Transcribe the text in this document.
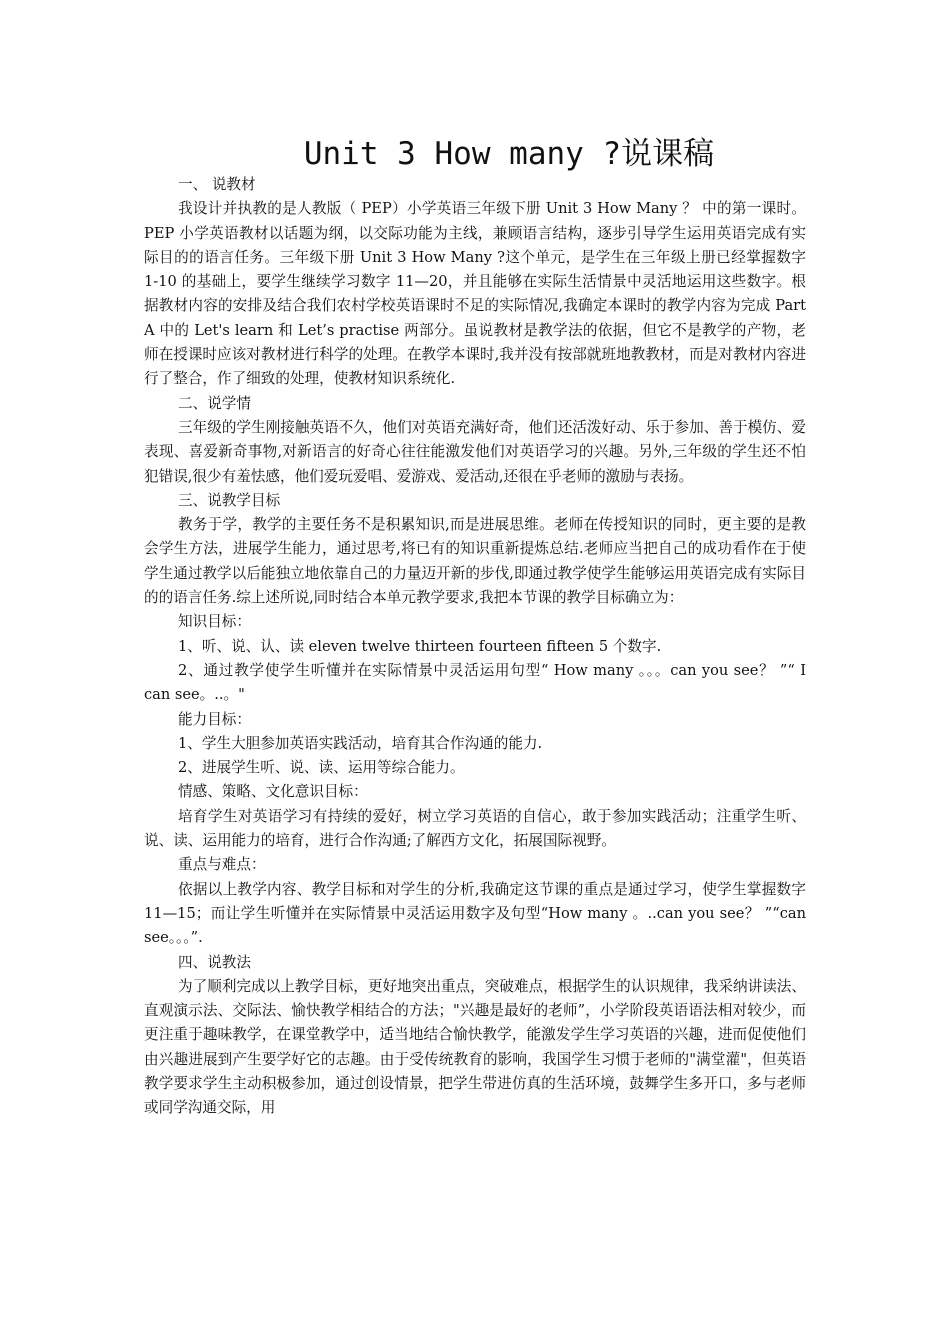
Unit 3 How many ?说课稿

一、 说教材

我设计并执教的是人教版（ PEP）小学英语三年级下册 Unit 3 How Many ？ 中的第一课时。PEP 小学英语教材以话题为纲，以交际功能为主线，兼顾语言结构，逐步引导学生运用英语完成有实际目的的语言任务。三年级下册 Unit 3 How Many ?这个单元，是学生在三年级上册已经掌握数字 1-10 的基础上，要学生继续学习数字 11—20，并且能够在实际生活情景中灵活地运用这些数字。根据教材内容的安排及结合我们农村学校英语课时不足的实际情况,我确定本课时的教学内容为完成 Part A 中的 Let's learn 和 Let’s practise 两部分。虽说教材是教学法的依据，但它不是教学的产物，老师在授课时应该对教材进行科学的处理。在教学本课时,我并没有按部就班地教教材，而是对教材内容进行了整合，作了细致的处理，使教材知识系统化.

二、说学情

三年级的学生刚接触英语不久，他们对英语充满好奇，他们还活泼好动、乐于参加、善于模仿、爱表现、喜爱新奇事物,对新语言的好奇心往往能激发他们对英语学习的兴趣。另外,三年级的学生还不怕犯错误,很少有羞怯感，他们爱玩爱唱、爱游戏、爱活动,还很在乎老师的激励与表扬。

三、说教学目标

教务于学，教学的主要任务不是积累知识,而是进展思维。老师在传授知识的同时，更主要的是教会学生方法，进展学生能力，通过思考,将已有的知识重新提炼总结.老师应当把自己的成功看作在于使学生通过教学以后能独立地依靠自己的力量迈开新的步伐,即通过教学使学生能够运用英语完成有实际目的的语言任务.综上述所说,同时结合本单元教学要求,我把本节课的教学目标确立为：

知识目标：

1、听、说、认、读 eleven twelve thirteen fourteen fifteen 5 个数字.

2、通过教学使学生听懂并在实际情景中灵活运用句型“ How many 。。。can you see？ ”“ I can see。..。"

能力目标：

1、学生大胆参加英语实践活动，培育其合作沟通的能力.

2、进展学生听、说、读、运用等综合能力。

情感、策略、文化意识目标：

培育学生对英语学习有持续的爱好，树立学习英语的自信心，敢于参加实践活动；注重学生听、说、读、运用能力的培育，进行合作沟通;了解西方文化，拓展国际视野。

重点与难点：

依据以上教学内容、教学目标和对学生的分析,我确定这节课的重点是通过学习，使学生掌握数字 11—15；而让学生听懂并在实际情景中灵活运用数字及句型“How many 。..can you see？ ”“can see。。。”.

四、说教法

为了顺利完成以上教学目标，更好地突出重点，突破难点，根据学生的认识规律，我采纳讲读法、直观演示法、交际法、愉快教学相结合的方法；"兴趣是最好的老师”，小学阶段英语语法相对较少，而更注重于趣味教学，在课堂教学中，适当地结合愉快教学，能激发学生学习英语的兴趣，进而促使他们由兴趣进展到产生要学好它的志趣。由于受传统教育的影响，我国学生习惯于老师的"满堂灌"，但英语教学要求学生主动积极参加，通过创设情景，把学生带进仿真的生活环境，鼓舞学生多开口，多与老师或同学沟通交际，用
